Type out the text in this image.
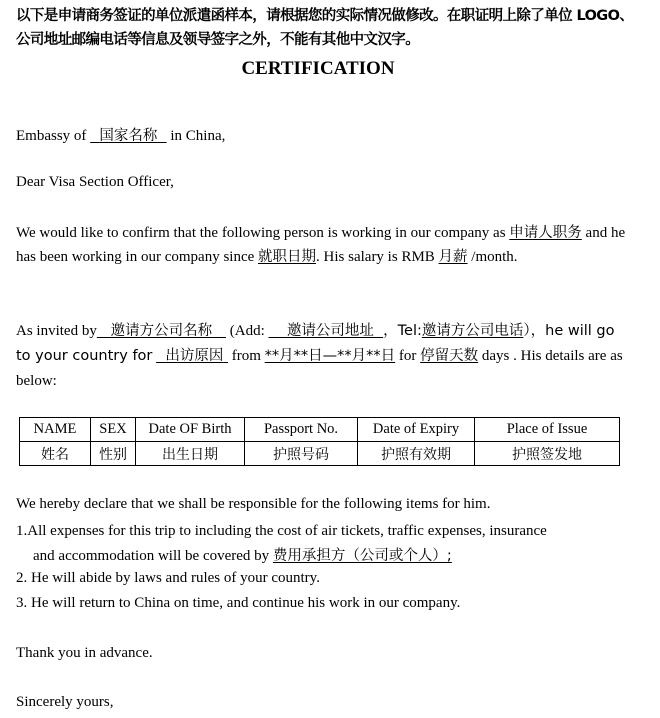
以下是申请商务签证的单位派遣函样本，请根据您的实际情况做修改。在职证明上除了单位 LOGO、公司地址邮编电话等信息及领导签字之外，不能有其他中文汉字。
CERTIFICATION
Embassy of 国家名称 in China,
Dear Visa Section Officer,
We would like to confirm that the following person is working in our company as 申请人职务 and he has been working in our company since 就职日期. His salary is RMB 月薪 /month.
As invited by 邀请方公司名称 (Add: 邀请公司地址 ，Tel:邀请方公司电话），he will go to your country for 出访原因 from **月**日—**月**日 for 停留天数 days . His details are as below:
NAME	SEX	Date OF Birth	Passport No.	Date of Expiry	Place of Issue
姓名	性别	出生日期	护照号码	护照有效期	护照签发地
We hereby declare that we shall be responsible for the following items for him.
1.All expenses for this trip to including the cost of air tickets, traffic expenses, insurance
and accommodation will be covered by 费用承担方（公司或个人）;
2. He will abide by laws and rules of your country.
3. He will return to China on time, and continue his work in our company.
Thank you in advance.
Sincerely yours,
